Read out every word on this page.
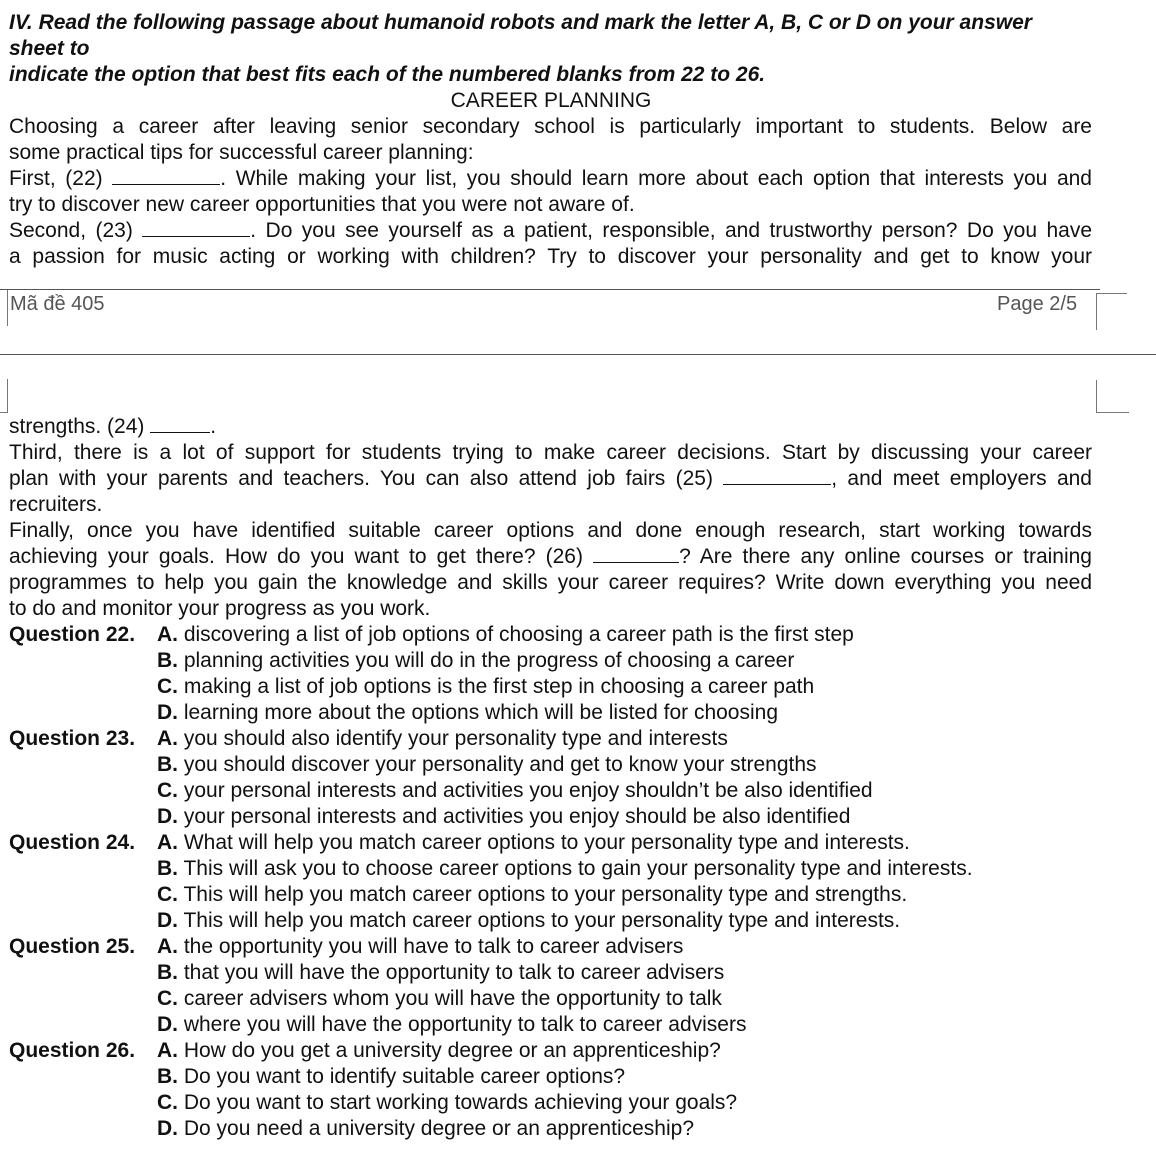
IV. Read the following passage about humanoid robots and mark the letter A, B, C or D on your answer
sheet to
indicate the option that best fits each of the numbered blanks from 22 to 26.
CAREER PLANNING
Choosing a career after leaving senior secondary school is particularly important to students. Below are
some practical tips for successful career planning:
First, (22)	. While making your list, you should learn more about each option that interests you and
try to discover new career opportunities that you were not aware of.
Second, (23)	. Do you see yourself as a patient, responsible, and trustworthy person? Do you have
a passion for music acting or working with children? Try to discover your personality and get to know your
Mã đề 405	Page 2/5
strengths. (24)	.
Third, there is a lot of support for students trying to make career decisions. Start by discussing your career
plan with your parents and teachers. You can also attend job fairs (25)	, and meet employers and
recruiters.
Finally, once you have identified suitable career options and done enough research, start working towards
achieving your goals. How do you want to get there? (26)	? Are there any online courses or training
programmes to help you gain the knowledge and skills your career requires? Write down everything you need
to do and monitor your progress as you work.
Question 22. A. discovering a list of job options of choosing a career path is the first step
B. planning activities you will do in the progress of choosing a career
C. making a list of job options is the first step in choosing a career path
D. learning more about the options which will be listed for choosing
Question 23. A. you should also identify your personality type and interests
B. you should discover your personality and get to know your strengths
C. your personal interests and activities you enjoy shouldn’t be also identified
D. your personal interests and activities you enjoy should be also identified
Question 24. A. What will help you match career options to your personality type and interests.
B. This will ask you to choose career options to gain your personality type and interests.
C. This will help you match career options to your personality type and strengths.
D. This will help you match career options to your personality type and interests.
Question 25. A. the opportunity you will have to talk to career advisers
B. that you will have the opportunity to talk to career advisers
C. career advisers whom you will have the opportunity to talk
D. where you will have the opportunity to talk to career advisers
Question 26. A. How do you get a university degree or an apprenticeship?
B. Do you want to identify suitable career options?
C. Do you want to start working towards achieving your goals?
D. Do you need a university degree or an apprenticeship?
